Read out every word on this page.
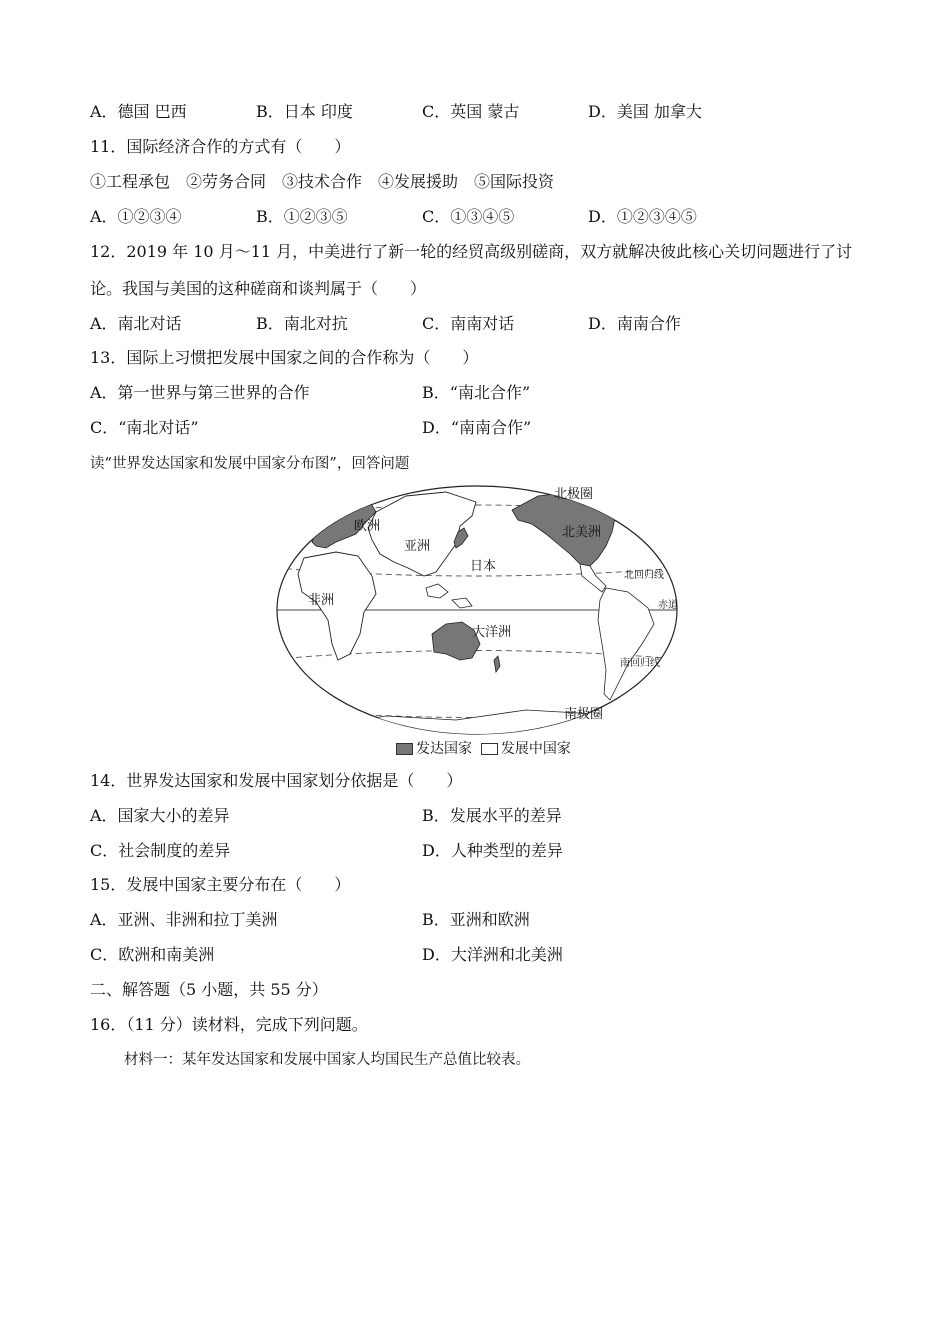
A．德国 巴西	B．日本 印度	C．英国 蒙古	D．美国 加拿大
11．国际经济合作的方式有（　　）
①工程承包　②劳务合同　③技术合作　④发展援助　⑤国际投资
A．①②③④	B．①②③⑤	C．①③④⑤	D．①②③④⑤
12．2019 年 10 月～11 月，中美进行了新一轮的经贸高级别磋商，双方就解决彼此核心关切问题进行了讨
论。我国与美国的这种磋商和谈判属于（　　）
A．南北对话	B．南北对抗	C．南南对话	D．南南合作
13．国际上习惯把发展中国家之间的合作称为（　　）
A．第一世界与第三世界的合作	B．“南北合作”
C．“南北对话”	D．“南南合作”
读“世界发达国家和发展中国家分布图”，回答问题
欧洲
亚洲
日本
非洲
大洋洲
北美洲
北极圈
北回归线
赤道
南回归线
南极圈
发达国家 发展中国家
14．世界发达国家和发展中国家划分依据是（　　）
A．国家大小的差异	B．发展水平的差异
C．社会制度的差异	D．人种类型的差异
15．发展中国家主要分布在（　　）
A．亚洲、非洲和拉丁美洲	B．亚洲和欧洲
C．欧洲和南美洲	D．大洋洲和北美洲
二、解答题（5 小题，共 55 分）
16．（11 分）读材料，完成下列问题。
材料一：某年发达国家和发展中国家人均国民生产总值比较表。
